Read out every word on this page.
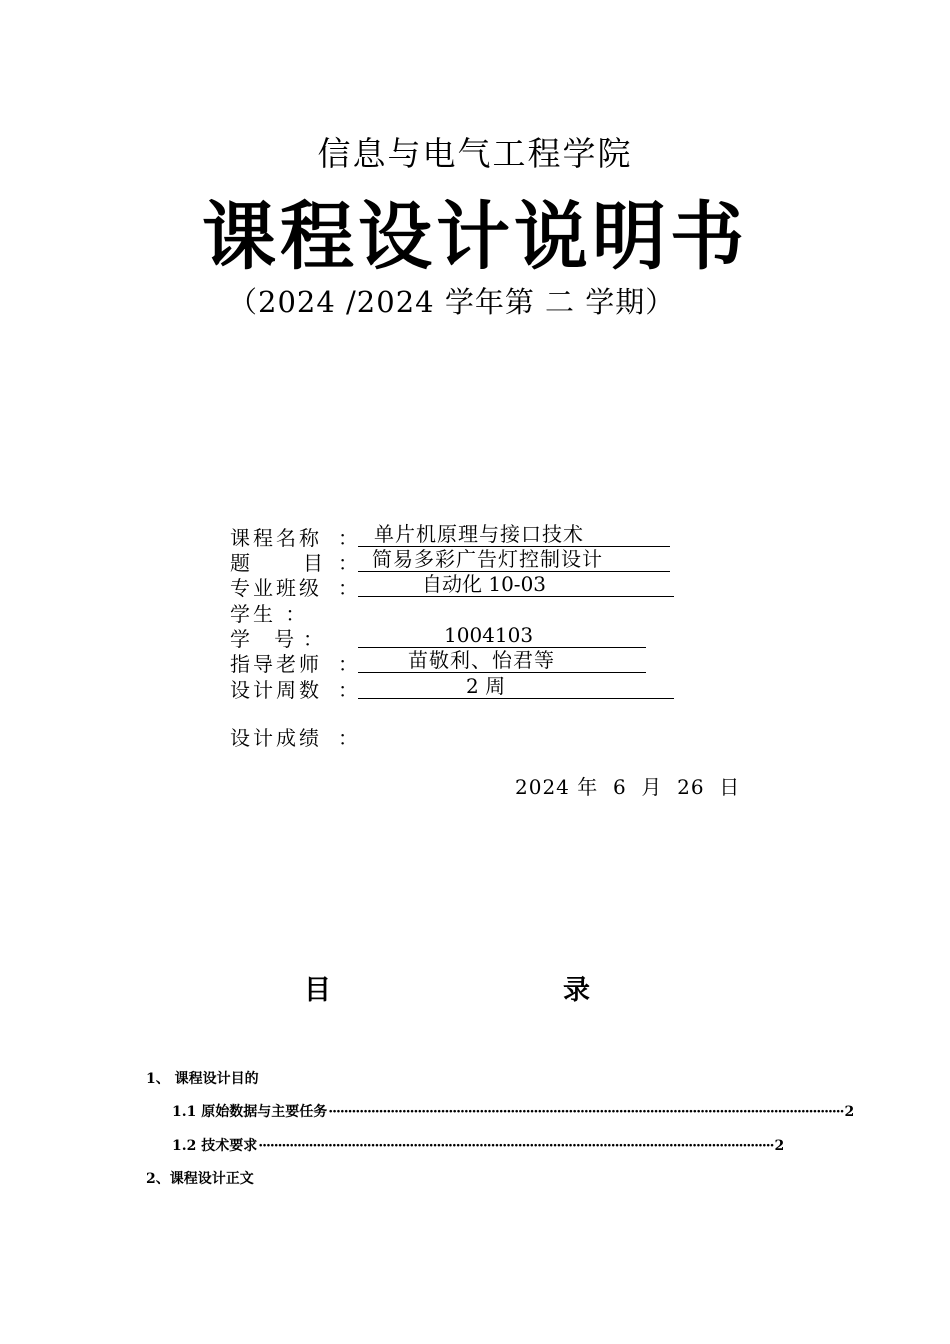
信息与电气工程学院
课程设计说明书
（2024 /2024 学年第 二 学期）
课程名称 ： 单片机原理与接口技术
题 目 ： 简易多彩广告灯控制设计
专业班级 ：	自动化 10-03
学生 ：
学 号：	1004103
指导老师 ：	苗敬利、怡君等
设计周数 ：	2 周
设计成绩 ：
2024 年  6  月  26  日
目	录
1、 课程设计目的
1.1 原始数据与主要任务 ····································································································································· 2
1.2 技术要求 ····································································································································· 2
2、课程设计正文
